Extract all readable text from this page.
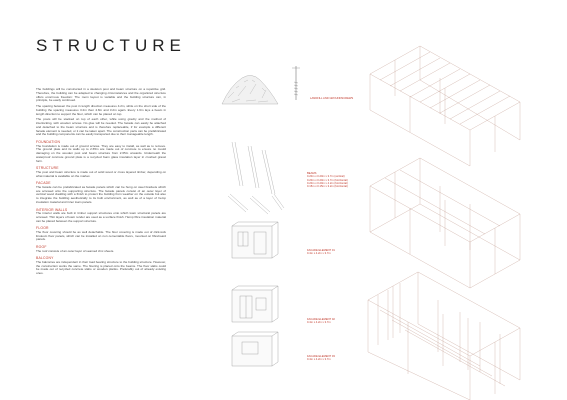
STRUCTURE

The buildings will be constructed in a skeleton post and beam structure on a repetitive grid. Therefore, the building can be adapted to changing circumstances and the organized structure offers enormous freedom: The room layout is variable and the building structure can, in principle, be easily continued.

The spacing between the post in length direction measures 4.2m, while on the short side of the building the spacing measures 3.2m then 4.8m and 3.2m again. Every 1.6m lays a beam in length direction to support the floor, which can be placed on top.

The posts will be stacked on top of each other, while using gravity and the method of interlocking, with wooden screws. No glue will be needed. The facade can easily be attached and detached to the beam structure and is therefore replaceable, if for example a different facade element is needed, or it can be taken apart. The construction parts can be prefabricated and the building components can be easily transported due to their manageable length.

FOUNDATION

The foundation is made out of ground screws. They are easy to install, as well as to remove. The ground plate and its walls up to 2.65m are made out of concrete to ensure no mould damaging on the wooden post and beam structure from 2.65m onwards. Underneath the waterproof concrete ground plate is a recycled foam glass insulation layer in crushed gravel form.

STRUCTURE

The post and beam structure is made out of solid wood or cross layered timber, depending on what material is available on the market.

FACADE

The facade can be prefabricated as facade panels which can be hung on steel brackets which are screwed onto the supporting structure. The facade panels consist of an outer layer of vertical wood cladding with a finish to protect the building from weather on the outside but also to integrate the building aesthetically to its built environment, as well as of a layer of hemp insulation material and inner loam panels.

INTERIOR WALLS

The interior walls are built in timber support structures onto which loam structural panels are screwed. Thin layers of loam render are used as a surface finish. Hemp fibre insulation material can be placed between the support structure.

FLOOR

The floor covering should be as well detachable. The floor covering is made out of click-lock linoleum floor panels, which can be installed on non cementable floors, mounted on fibreboard panels.

ROOF

The roof consists of an outer layer of seamed zinc sheets.

BALCONY

The balconies are independent in their load bearing structure to the building structure. However, the construction works the same. The flooring is placed onto the beams. The floor slabs could be made out of recycled concrete slabs or wooden planks. Preferably out of already existing ones.

LANDFILL AND GROUNDSCREWS
BEAMS
0.20m x 0.20m x 3.7m (vertical)
0.20m x 0.20m x 3.7m (horizontal)
0.20m x 0.20m x 4.2m (horizontal)
0.15m x 0.15m x 3.2m (horizontal)
FACADE ELEMENT 01
0.4m x 4.2m x 3.7m
FACADE ELEMENT 02
0.4m x 4.2m x 3.7m
FACADE ELEMENT 03
0.4m x 4.2m x 3.7m
